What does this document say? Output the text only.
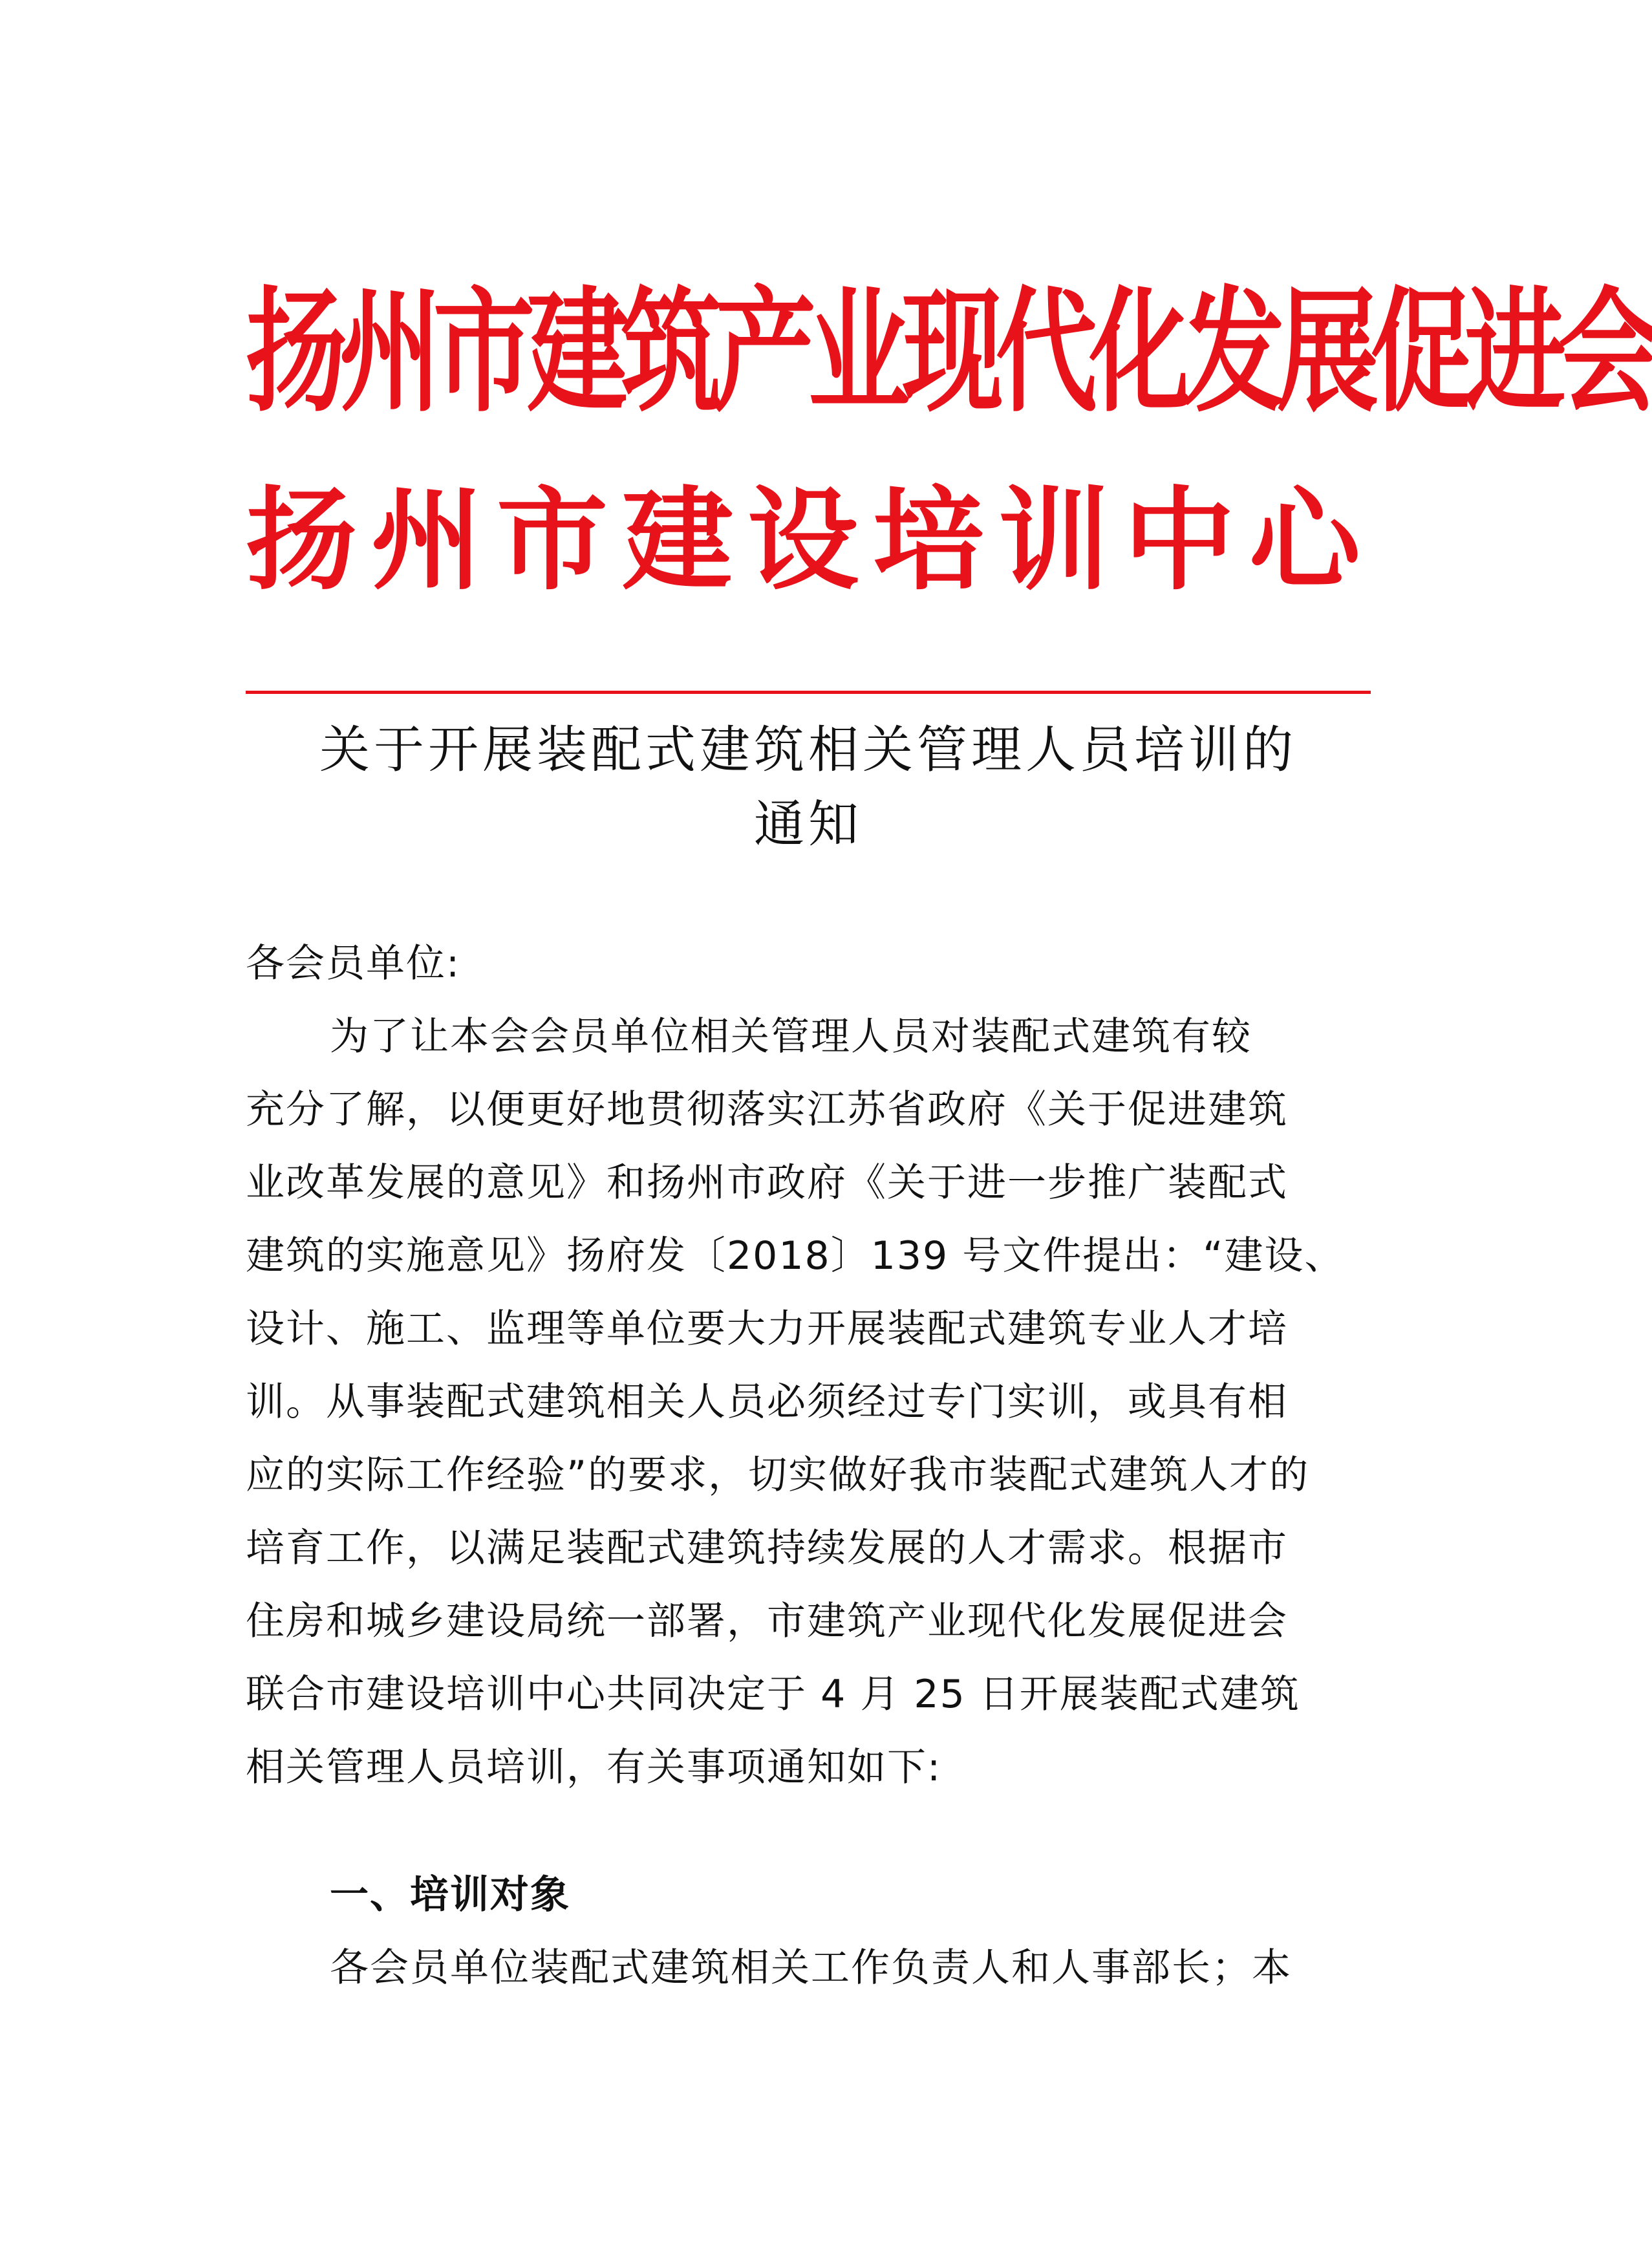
扬州市建筑产业现代化发展促进会
扬州市建设培训中心
关于开展装配式建筑相关管理人员培训的
通知
各会员单位:
为了让本会会员单位相关管理人员对装配式建筑有较
充分了解，以便更好地贯彻落实江苏省政府《关于促进建筑
业改革发展的意见》和扬州市政府《关于进一步推广装配式
建筑的实施意见》扬府发〔2018〕139 号文件提出：“建设、
设计、施工、监理等单位要大力开展装配式建筑专业人才培
训。从事装配式建筑相关人员必须经过专门实训，或具有相
应的实际工作经验”的要求，切实做好我市装配式建筑人才的
培育工作，以满足装配式建筑持续发展的人才需求。根据市
住房和城乡建设局统一部署，市建筑产业现代化发展促进会
联合市建设培训中心共同决定于 4 月 25 日开展装配式建筑
相关管理人员培训，有关事项通知如下:
一、培训对象
各会员单位装配式建筑相关工作负责人和人事部长；本
